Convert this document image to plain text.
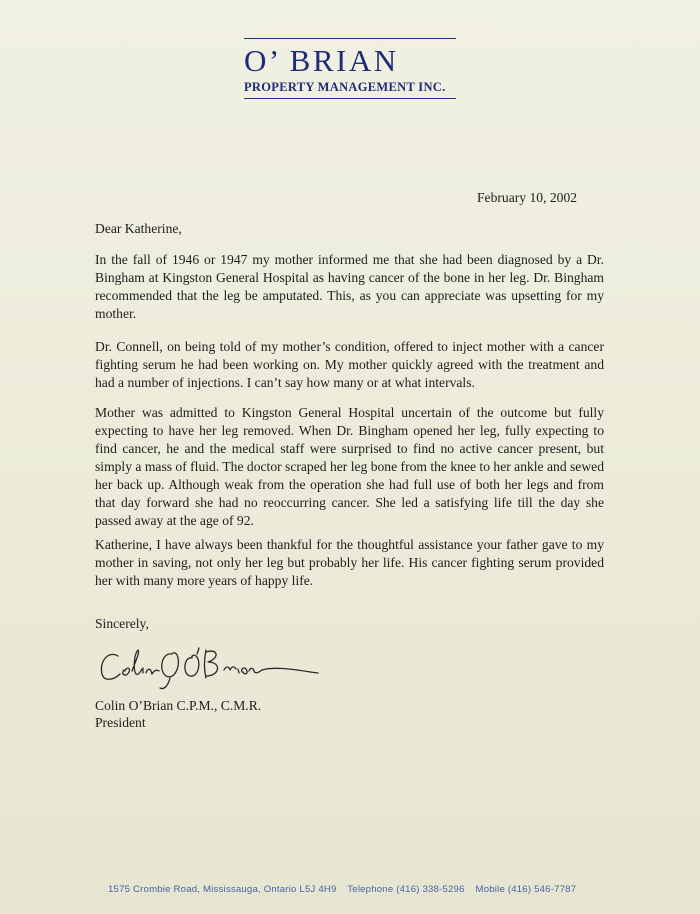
O’ BRIAN
PROPERTY MANAGEMENT INC.
February 10, 2002
Dear Katherine,
In the fall of 1946 or 1947 my mother informed me that she had been diagnosed by a Dr. Bingham at Kingston General Hospital as having cancer of the bone in her leg. Dr. Bingham recommended that the leg be amputated. This, as you can appreciate was upsetting for my mother.
Dr. Connell, on being told of my mother’s condition, offered to inject mother with a cancer fighting serum he had been working on. My mother quickly agreed with the treatment and had a number of injections. I can’t say how many or at what intervals.
Mother was admitted to Kingston General Hospital uncertain of the outcome but fully expecting to have her leg removed. When Dr. Bingham opened her leg, fully expecting to find cancer, he and the medical staff were surprised to find no active cancer present, but simply a mass of fluid. The doctor scraped her leg bone from the knee to her ankle and sewed her back up. Although weak from the operation she had full use of both her legs and from that day forward she had no reoccurring cancer. She led a satisfying life till the day she passed away at the age of 92.
Katherine, I have always been thankful for the thoughtful assistance your father gave to my mother in saving, not only her leg but probably her life. His cancer fighting serum provided her with many more years of happy life.
Sincerely,
Colin O’Brian C.P.M., C.M.R.
President
1575 Crombie Road, Mississauga, Ontario L5J 4H9 Telephone (416) 338-5296 Mobile (416) 546-7787
